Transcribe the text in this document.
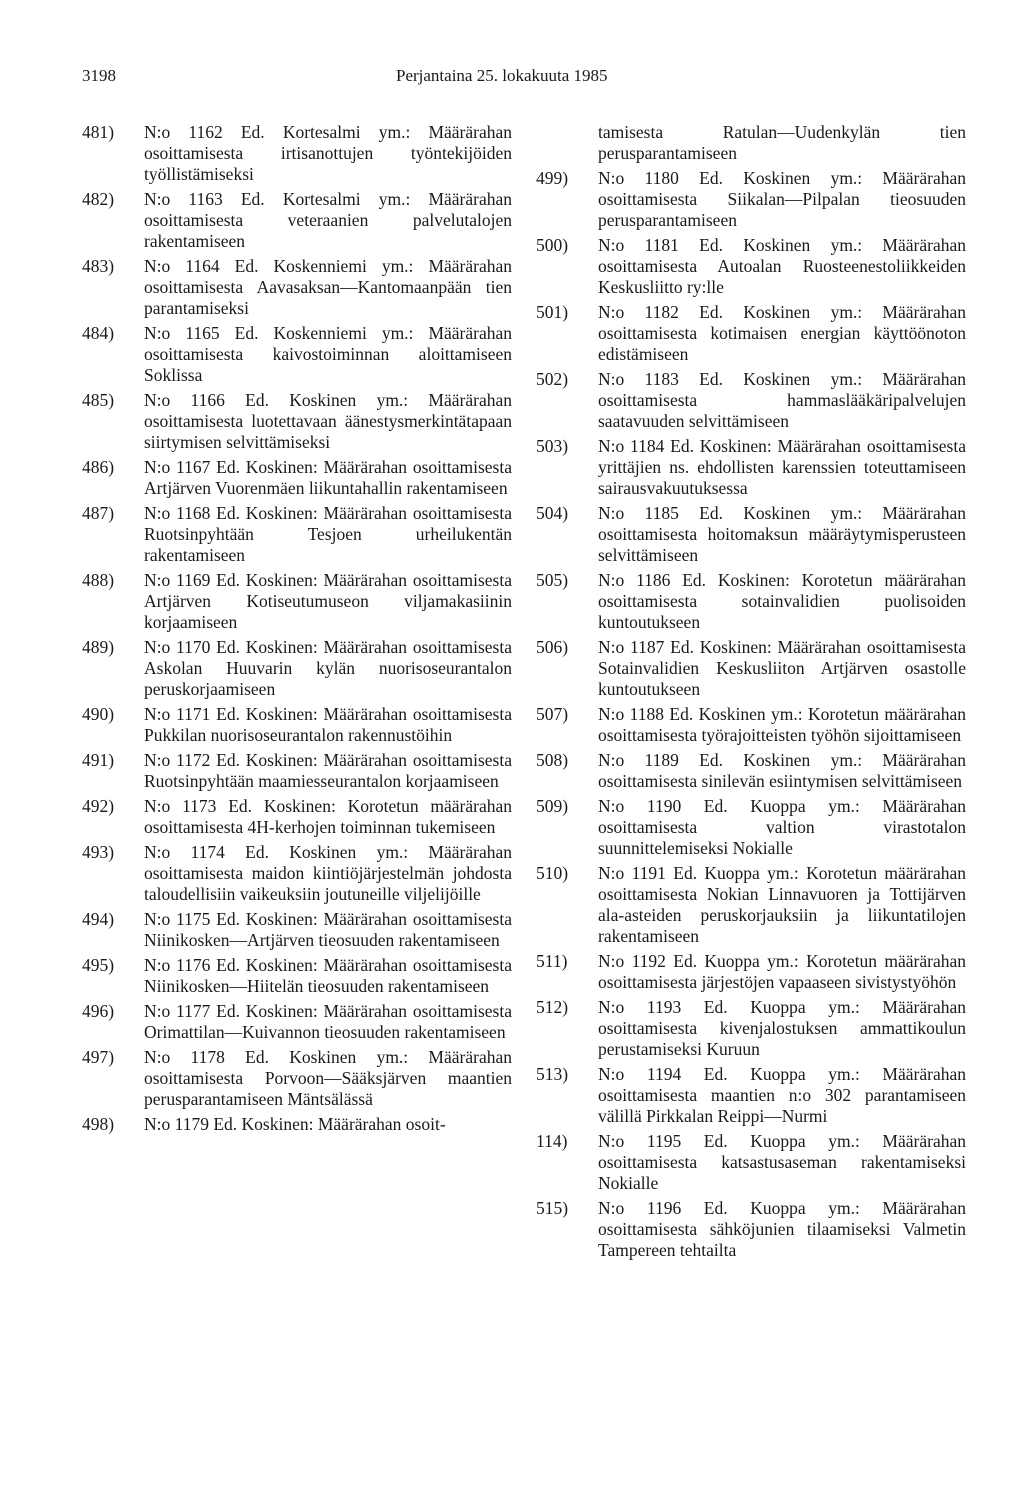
3198	Perjantaina 25. lokakuuta 1985
481)	N:o 1162 Ed. Kortesalmi ym.: Määrärahan osoittamisesta irtisanottujen työntekijöiden työllistämiseksi
482)	N:o 1163 Ed. Kortesalmi ym.: Määrärahan osoittamisesta veteraanien palvelutalojen rakentamiseen
483)	N:o 1164 Ed. Koskenniemi ym.: Määrärahan osoittamisesta Aavasaksan—Kantomaanpään tien parantamiseksi
484)	N:o 1165 Ed. Koskenniemi ym.: Määrärahan osoittamisesta kaivostoiminnan aloittamiseen Soklissa
485)	N:o 1166 Ed. Koskinen ym.: Määrärahan osoittamisesta luotettavaan äänestysmerkintätapaan siirtymisen selvittämiseksi
486)	N:o 1167 Ed. Koskinen: Määrärahan osoittamisesta Artjärven Vuorenmäen liikuntahallin rakentamiseen
487)	N:o 1168 Ed. Koskinen: Määrärahan osoittamisesta Ruotsinpyhtään Tesjoen urheilukentän rakentamiseen
488)	N:o 1169 Ed. Koskinen: Määrärahan osoittamisesta Artjärven Kotiseutumuseon viljamakasiinin korjaamiseen
489)	N:o 1170 Ed. Koskinen: Määrärahan osoittamisesta Askolan Huuvarin kylän nuorisoseurantalon peruskorjaamiseen
490)	N:o 1171 Ed. Koskinen: Määrärahan osoittamisesta Pukkilan nuorisoseurantalon rakennustöihin
491)	N:o 1172 Ed. Koskinen: Määrärahan osoittamisesta Ruotsinpyhtään maamiesseurantalon korjaamiseen
492)	N:o 1173 Ed. Koskinen: Korotetun määrärahan osoittamisesta 4H-kerhojen toiminnan tukemiseen
493)	N:o 1174 Ed. Koskinen ym.: Määrärahan osoittamisesta maidon kiintiöjärjestelmän johdosta taloudellisiin vaikeuksiin joutuneille viljelijöille
494)	N:o 1175 Ed. Koskinen: Määrärahan osoittamisesta Niinikosken—Artjärven tieosuuden rakentamiseen
495)	N:o 1176 Ed. Koskinen: Määrärahan osoittamisesta Niinikosken—Hiitelän tieosuuden rakentamiseen
496)	N:o 1177 Ed. Koskinen: Määrärahan osoittamisesta Orimattilan—Kuivannon tieosuuden rakentamiseen
497)	N:o 1178 Ed. Koskinen ym.: Määrärahan osoittamisesta Porvoon—Sääksjärven maantien perusparantamiseen Mäntsälässä
498)	N:o 1179 Ed. Koskinen: Määrärahan osoit-
tamisesta Ratulan—Uudenkylän tien perusparantamiseen
499)	N:o 1180 Ed. Koskinen ym.: Määrärahan osoittamisesta Siikalan—Pilpalan tieosuuden perusparantamiseen
500)	N:o 1181 Ed. Koskinen ym.: Määrärahan osoittamisesta Autoalan Ruosteenestoliikkeiden Keskusliitto ry:lle
501)	N:o 1182 Ed. Koskinen ym.: Määrärahan osoittamisesta kotimaisen energian käyttöönoton edistämiseen
502)	N:o 1183 Ed. Koskinen ym.: Määrärahan osoittamisesta hammaslääkäripalvelujen saatavuuden selvittämiseen
503)	N:o 1184 Ed. Koskinen: Määrärahan osoittamisesta yrittäjien ns. ehdollisten karenssien toteuttamiseen sairausvakuutuksessa
504)	N:o 1185 Ed. Koskinen ym.: Määrärahan osoittamisesta hoitomaksun määräytymisperusteen selvittämiseen
505)	N:o 1186 Ed. Koskinen: Korotetun määrärahan osoittamisesta sotainvalidien puolisoiden kuntoutukseen
506)	N:o 1187 Ed. Koskinen: Määrärahan osoittamisesta Sotainvalidien Keskusliiton Artjärven osastolle kuntoutukseen
507)	N:o 1188 Ed. Koskinen ym.: Korotetun määrärahan osoittamisesta työrajoitteisten työhön sijoittamiseen
508)	N:o 1189 Ed. Koskinen ym.: Määrärahan osoittamisesta sinilevän esiintymisen selvittämiseen
509)	N:o 1190 Ed. Kuoppa ym.: Määrärahan osoittamisesta valtion virastotalon suunnittelemiseksi Nokialle
510)	N:o 1191 Ed. Kuoppa ym.: Korotetun määrärahan osoittamisesta Nokian Linnavuoren ja Tottijärven ala-asteiden peruskorjauksiin ja liikuntatilojen rakentamiseen
511)	N:o 1192 Ed. Kuoppa ym.: Korotetun määrärahan osoittamisesta järjestöjen vapaaseen sivistystyöhön
512)	N:o 1193 Ed. Kuoppa ym.: Määrärahan osoittamisesta kivenjalostuksen ammattikoulun perustamiseksi Kuruun
513)	N:o 1194 Ed. Kuoppa ym.: Määrärahan osoittamisesta maantien n:o 302 parantamiseen välillä Pirkkalan Reippi—Nurmi
114)	N:o 1195 Ed. Kuoppa ym.: Määrärahan osoittamisesta katsastusaseman rakentamiseksi Nokialle
515)	N:o 1196 Ed. Kuoppa ym.: Määrärahan osoittamisesta sähköjunien tilaamiseksi Valmetin Tampereen tehtailta
